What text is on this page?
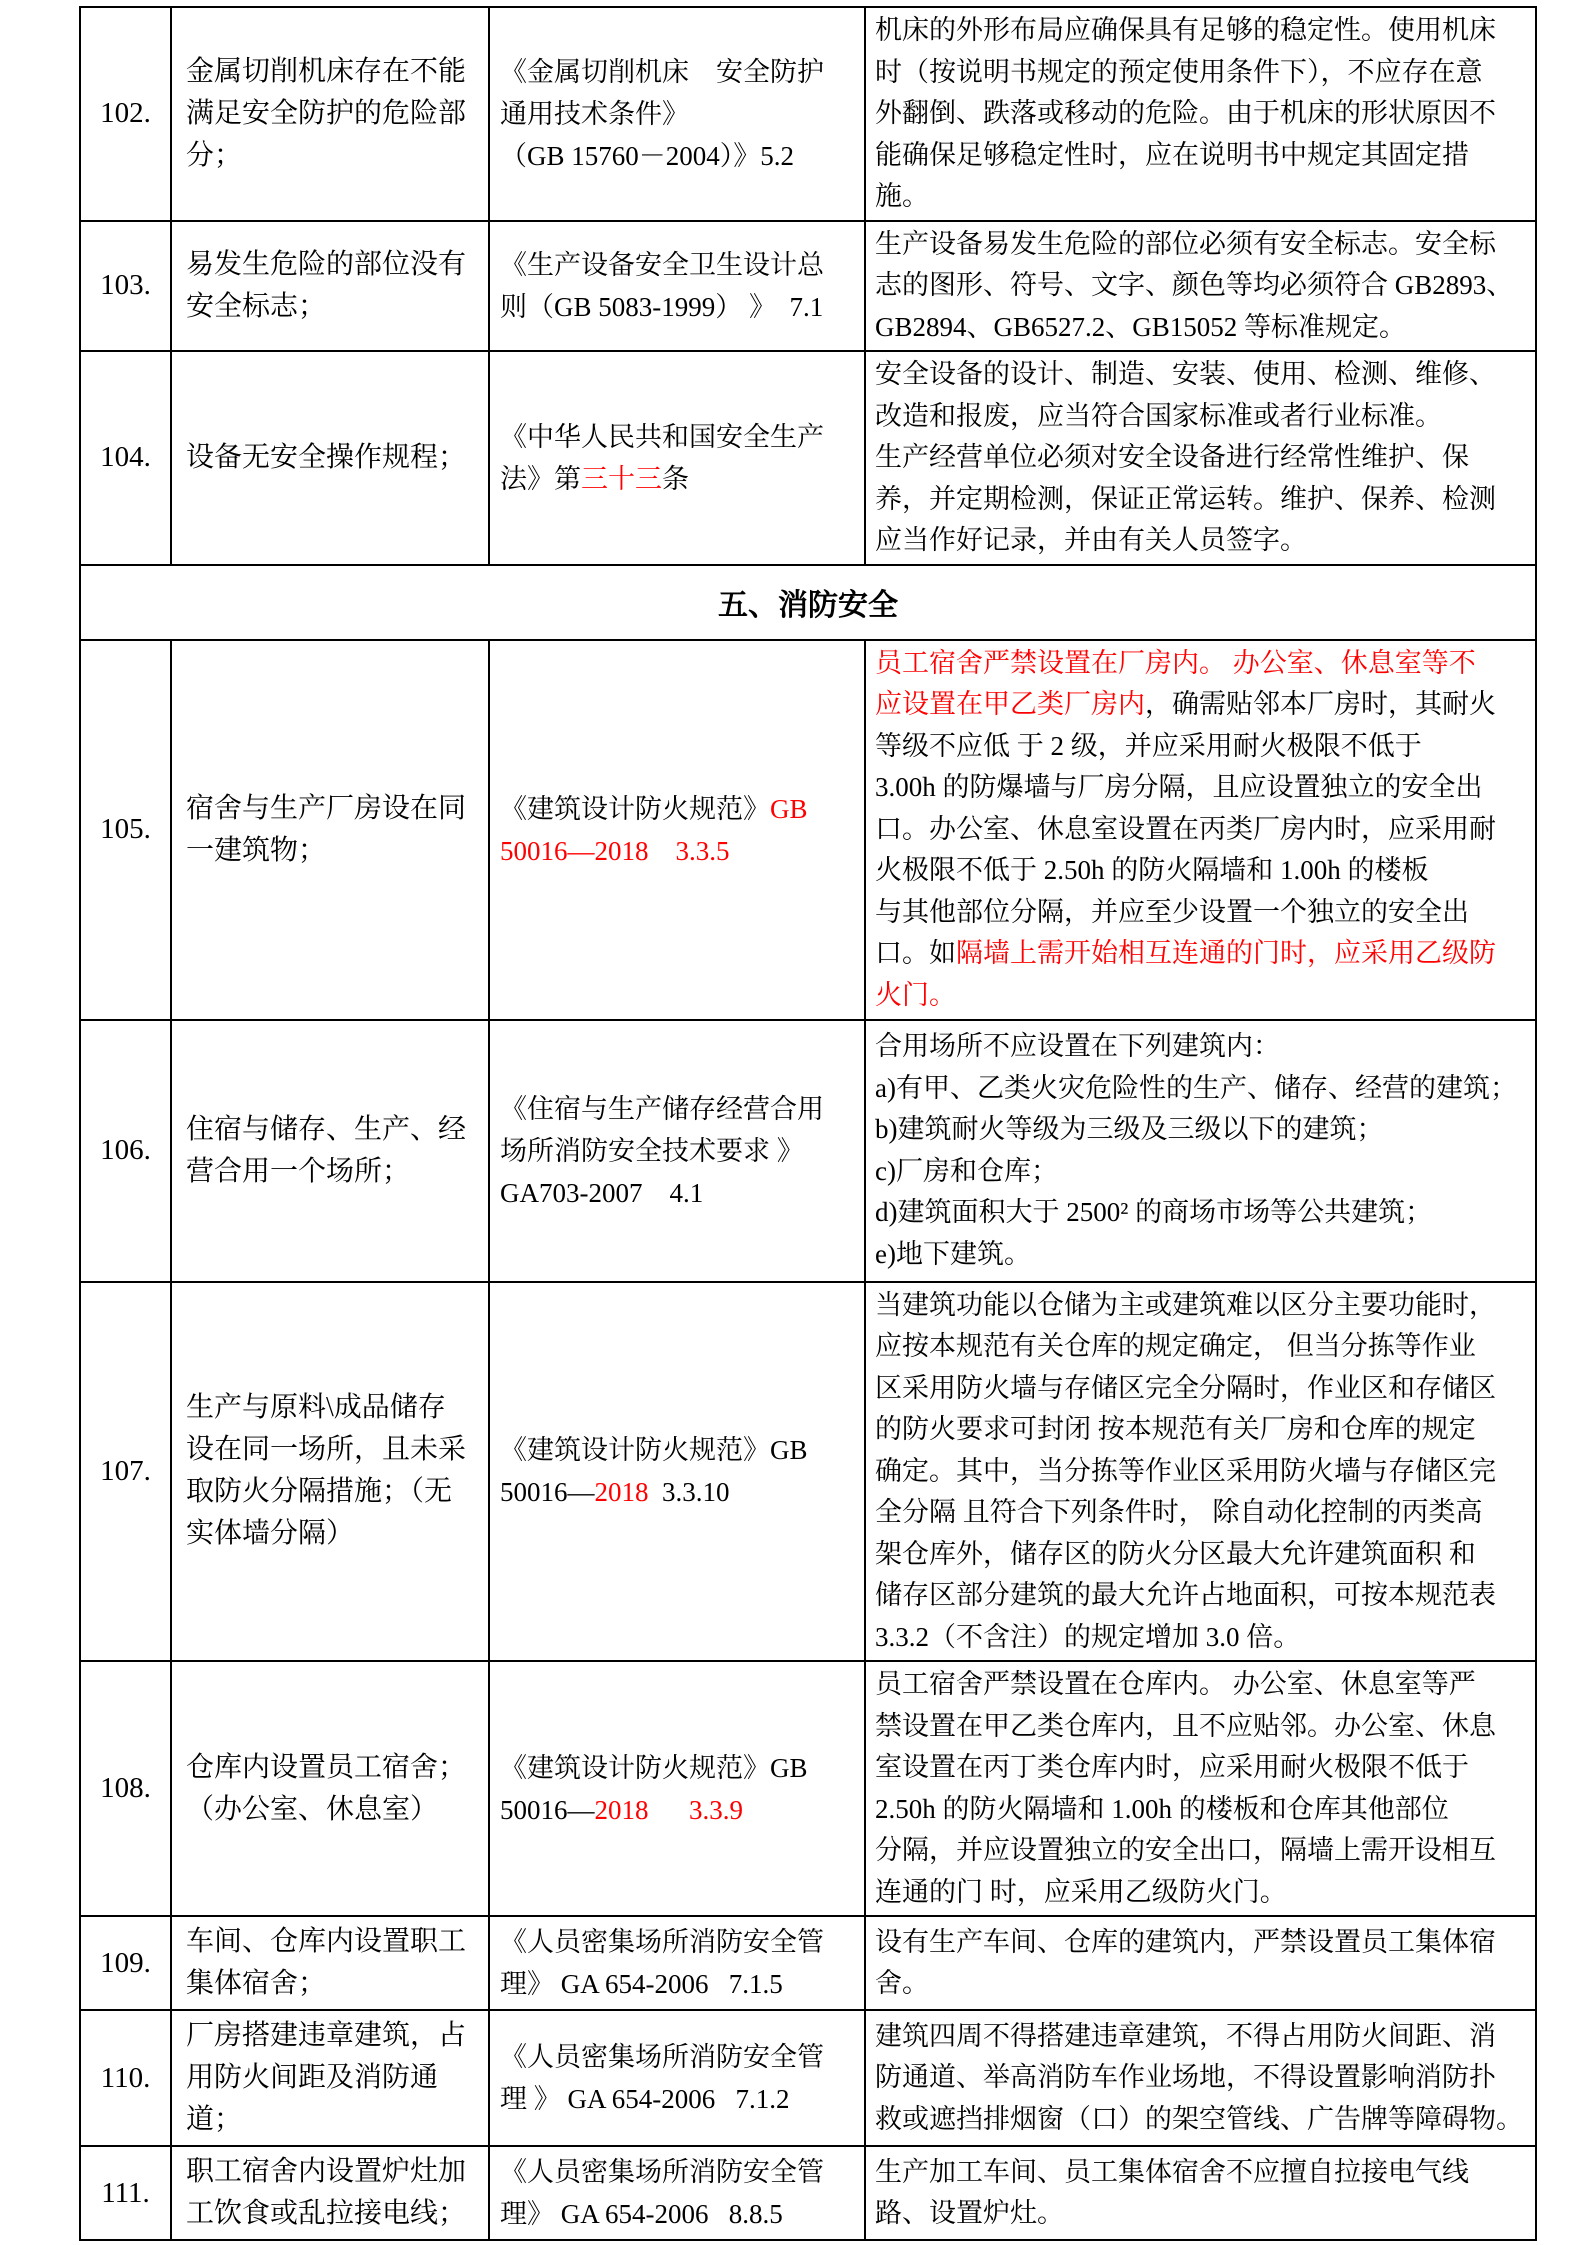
102.	金属切削机床存在不能
满足安全防护的危险部
分；	《金属切削机床　安全防护
通用技术条件》
（GB 15760－2004）》5.2	机床的外形布局应确保具有足够的稳定性。使用机床
时（按说明书规定的预定使用条件下），不应存在意
外翻倒、跌落或移动的危险。由于机床的形状原因不
能确保足够稳定性时，应在说明书中规定其固定措
施。
103.	易发生危险的部位没有
安全标志；	《生产设备安全卫生设计总
则（GB 5083-1999） 》  7.1	生产设备易发生危险的部位必须有安全标志。安全标
志的图形、符号、文字、颜色等均必须符合 GB2893、
GB2894、GB6527.2、GB15052 等标准规定。
104.	设备无安全操作规程；	《中华人民共和国安全生产
法》第三十三条	安全设备的设计、制造、安装、使用、检测、维修、
改造和报废，应当符合国家标准或者行业标准。
生产经营单位必须对安全设备进行经常性维护、保
养，并定期检测，保证正常运转。维护、保养、检测
应当作好记录，并由有关人员签字。
五、消防安全			
105.	宿舍与生产厂房设在同
一建筑物；	《建筑设计防火规范》GB
50016—2018    3.3.5	员工宿舍严禁设置在厂房内。 办公室、休息室等不
应设置在甲乙类厂房内，确需贴邻本厂房时，其耐火
等级不应低 于 2 级，并应采用耐火极限不低于
3.00h 的防爆墙与厂房分隔，且应设置独立的安全出
口。办公室、休息室设置在丙类厂房内时，应采用耐
火极限不低于 2.50h 的防火隔墙和 1.00h 的楼板
与其他部位分隔，并应至少设置一个独立的安全出
口。如隔墙上需开始相互连通的门时，应采用乙级防
火门。
106.	住宿与储存、生产、经
营合用一个场所；	《住宿与生产储存经营合用
场所消防安全技术要求 》
GA703-2007    4.1	合用场所不应设置在下列建筑内：
a)有甲、乙类火灾危险性的生产、储存、经营的建筑；
b)建筑耐火等级为三级及三级以下的建筑；
c)厂房和仓库；
d)建筑面积大于 2500² 的商场市场等公共建筑；
e)地下建筑。
107.	生产与原料\成品储存
设在同一场所，且未采
取防火分隔措施；（无
实体墙分隔）	《建筑设计防火规范》GB
50016—2018  3.3.10	当建筑功能以仓储为主或建筑难以区分主要功能时，
应按本规范有关仓库的规定确定， 但当分拣等作业
区采用防火墙与存储区完全分隔时，作业区和存储区
的防火要求可封闭 按本规范有关厂房和仓库的规定
确定。其中，当分拣等作业区采用防火墙与存储区完
全分隔 且符合下列条件时， 除自动化控制的丙类高
架仓库外，储存区的防火分区最大允许建筑面积 和
储存区部分建筑的最大允许占地面积，可按本规范表
3.3.2（不含注）的规定增加 3.0 倍。
108.	仓库内设置员工宿舍；
（办公室、休息室）	《建筑设计防火规范》GB
50016—2018 3.3.9	员工宿舍严禁设置在仓库内。 办公室、休息室等严
禁设置在甲乙类仓库内，且不应贴邻。办公室、休息
室设置在丙丁类仓库内时，应采用耐火极限不低于
2.50h 的防火隔墙和 1.00h 的楼板和仓库其他部位
分隔，并应设置独立的安全出口，隔墙上需开设相互
连通的门 时，应采用乙级防火门。
109.	车间、仓库内设置职工
集体宿舍；	《人员密集场所消防安全管
理》 GA 654-2006   7.1.5	设有生产车间、仓库的建筑内，严禁设置员工集体宿
舍。
110.	厂房搭建违章建筑，占
用防火间距及消防通
道；	《人员密集场所消防安全管
理 》 GA 654-2006   7.1.2	建筑四周不得搭建违章建筑，不得占用防火间距、消
防通道、举高消防车作业场地，不得设置影响消防扑
救或遮挡排烟窗（口）的架空管线、广告牌等障碍物。
111.	职工宿舍内设置炉灶加
工饮食或乱拉接电线；	《人员密集场所消防安全管
理》 GA 654-2006   8.8.5	生产加工车间、员工集体宿舍不应擅自拉接电气线
路、设置炉灶。
